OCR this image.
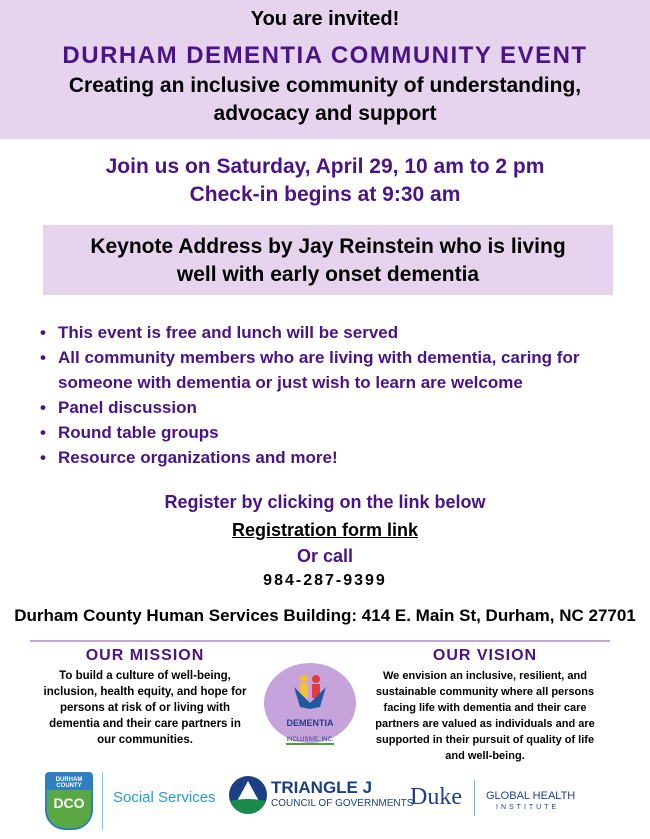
You are invited!
DURHAM DEMENTIA COMMUNITY EVENT
Creating an inclusive community of understanding,
advocacy and support
Join us on Saturday, April 29, 10 am to 2 pm
Check-in begins at 9:30 am
Keynote Address by Jay Reinstein who is living
well with early onset dementia
• This event is free and lunch will be served
• All community members who are living with dementia, caring for someone with dementia or just wish to learn are welcome
• Panel discussion
• Round table groups
• Resource organizations and more!
Register by clicking on the link below
Registration form link
Or call
984-287-9399
Durham County Human Services Building: 414 E. Main St, Durham, NC 27701
OUR MISSION
To build a culture of well-being, inclusion, health equity, and hope for persons at risk of or living with dementia and their care partners in our communities.
DEMENTIA
INCLUSIVE, INC.
OUR VISION
We envision an inclusive, resilient, and sustainable community where all persons facing life with dementia and their care partners are valued as individuals and are supported in their pursuit of quality of life and well-being.
DURHAM COUNTY
DCO	Social Services
TRIANGLE J
COUNCIL OF GOVERNMENTS
Duke GLOBAL HEALTH
INSTITUTE
